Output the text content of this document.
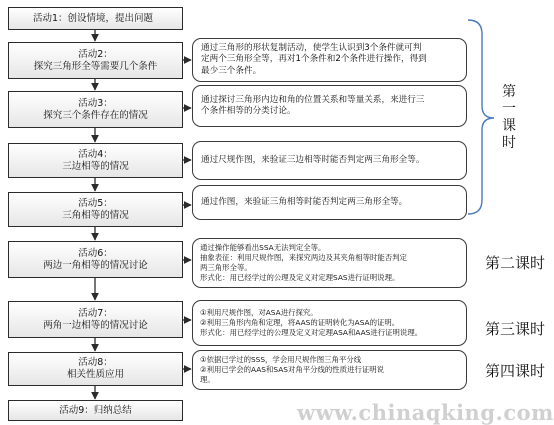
活动1：创设情境，提出问题
活动2：
探究三角形全等需要几个条件
活动3：
探究三个条件存在的情况
活动4：
三边相等的情况
活动5：
三角相等的情况
活动6：
两边一角相等的情况讨论
活动7：
两角一边相等的情况讨论
活动8：
相关性质应用
活动9：归纳总结
通过三角形的形状复制活动，使学生认识到3个条件就可判
定两个三角形全等，再对1个条件和2个条件进行操作，得到
最少三个条件。
通过探讨三角形内边和角的位置关系和等量关系，来进行三
个条件相等的分类讨论。
通过尺规作图，来验证三边相等时能否判定两三角形全等。
通过作图，来验证三角相等时能否判定两三角形全等。
通过操作能够看出SSA无法判定全等。
抽象表征：利用尺规作图，来探究两边及其夹角相等时能否判定
两三角形全等。
形式化：用已经学过的公理及定义对定理SAS进行证明说理。
①利用尺规作图，对ASA进行探究。
②利用三角形内角和定理，将AAS的证明转化为ASA的证明。
形式化：用已经学过的公理及定义对定理ASA和AAS进行证明说理。
①依据已学过的SSS，学会用尺规作图三角平分线
②利用已学会的AAS和SAS对角平分线的性质进行证明说
理。
第
一
课
时
第二课时
第三课时
第四课时
www.chinaqking.com
